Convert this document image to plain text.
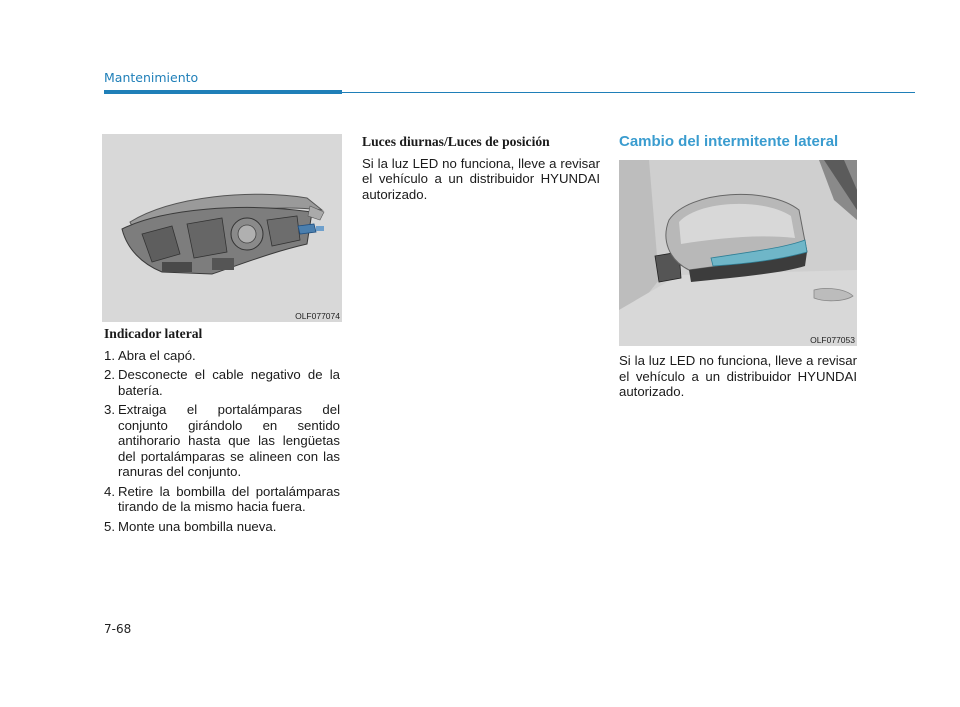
Mantenimiento
OLF077074
OLF077053
Indicador lateral
1. Abra el capó.
2. Desconecte el cable negativo de la batería.
3. Extraiga el portalámparas del conjunto girándolo en sentido antihorario hasta que las lengüetas del portalámparas se alineen con las ranuras del conjunto.
4. Retire la bombilla del portalámparas tirando de la mismo hacia fuera.
5. Monte una bombilla nueva.
Luces diurnas/Luces de posición

Si la luz LED no funciona, lleve a revisar el vehículo a un distribuidor HYUNDAI autorizado.

Cambio del intermitente lateral

Si la luz LED no funciona, lleve a revisar el vehículo a un distribuidor HYUNDAI autorizado.

7-68
